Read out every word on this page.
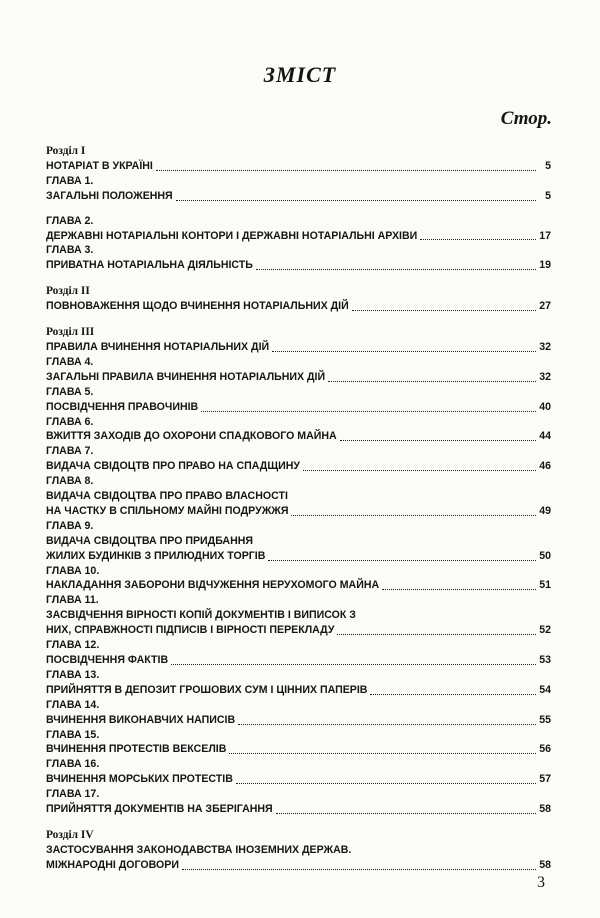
ЗМІСТ
Стор.
Розділ І
НОТАРІАТ В УКРАЇНІ	5
ГЛАВА 1.
ЗАГАЛЬНІ ПОЛОЖЕННЯ	5
ГЛАВА 2.
ДЕРЖАВНІ НОТАРІАЛЬНІ КОНТОРИ І ДЕРЖАВНІ НОТАРІАЛЬНІ АРХІВИ	17
ГЛАВА 3.
ПРИВАТНА НОТАРІАЛЬНА ДІЯЛЬНІСТЬ	19
Розділ ІІ
ПОВНОВАЖЕННЯ ЩОДО ВЧИНЕННЯ НОТАРІАЛЬНИХ ДІЙ	27
Розділ ІІІ
ПРАВИЛА ВЧИНЕННЯ НОТАРІАЛЬНИХ ДІЙ	32
ГЛАВА 4.
ЗАГАЛЬНІ ПРАВИЛА ВЧИНЕННЯ НОТАРІАЛЬНИХ ДІЙ	32
ГЛАВА 5.
ПОСВІДЧЕННЯ ПРАВОЧИНІВ	40
ГЛАВА 6.
ВЖИТТЯ ЗАХОДІВ ДО ОХОРОНИ СПАДКОВОГО МАЙНА	44
ГЛАВА 7.
ВИДАЧА СВІДОЦТВ ПРО ПРАВО НА СПАДЩИНУ	46
ГЛАВА 8.
ВИДАЧА СВІДОЦТВА ПРО ПРАВО ВЛАСНОСТІ
НА ЧАСТКУ В СПІЛЬНОМУ МАЙНІ ПОДРУЖЖЯ	49
ГЛАВА 9.
ВИДАЧА СВІДОЦТВА ПРО ПРИДБАННЯ
ЖИЛИХ БУДИНКІВ З ПРИЛЮДНИХ ТОРГІВ	50
ГЛАВА 10.
НАКЛАДАННЯ ЗАБОРОНИ ВІДЧУЖЕННЯ НЕРУХОМОГО МАЙНА	51
ГЛАВА 11.
ЗАСВІДЧЕННЯ ВІРНОСТІ КОПІЙ ДОКУМЕНТІВ І ВИПИСОК З
НИХ, СПРАВЖНОСТІ ПІДПИСІВ І ВІРНОСТІ ПЕРЕКЛАДУ	52
ГЛАВА 12.
ПОСВІДЧЕННЯ ФАКТІВ	53
ГЛАВА 13.
ПРИЙНЯТТЯ В ДЕПОЗИТ ГРОШОВИХ СУМ І ЦІННИХ ПАПЕРІВ	54
ГЛАВА 14.
ВЧИНЕННЯ ВИКОНАВЧИХ НАПИСІВ	55
ГЛАВА 15.
ВЧИНЕННЯ ПРОТЕСТІВ ВЕКСЕЛІВ	56
ГЛАВА 16.
ВЧИНЕННЯ МОРСЬКИХ ПРОТЕСТІВ	57
ГЛАВА 17.
ПРИЙНЯТТЯ ДОКУМЕНТІВ НА ЗБЕРІГАННЯ	58
Розділ IV
ЗАСТОСУВАННЯ ЗАКОНОДАВСТВА ІНОЗЕМНИХ ДЕРЖАВ.
МІЖНАРОДНІ ДОГОВОРИ	58
3
